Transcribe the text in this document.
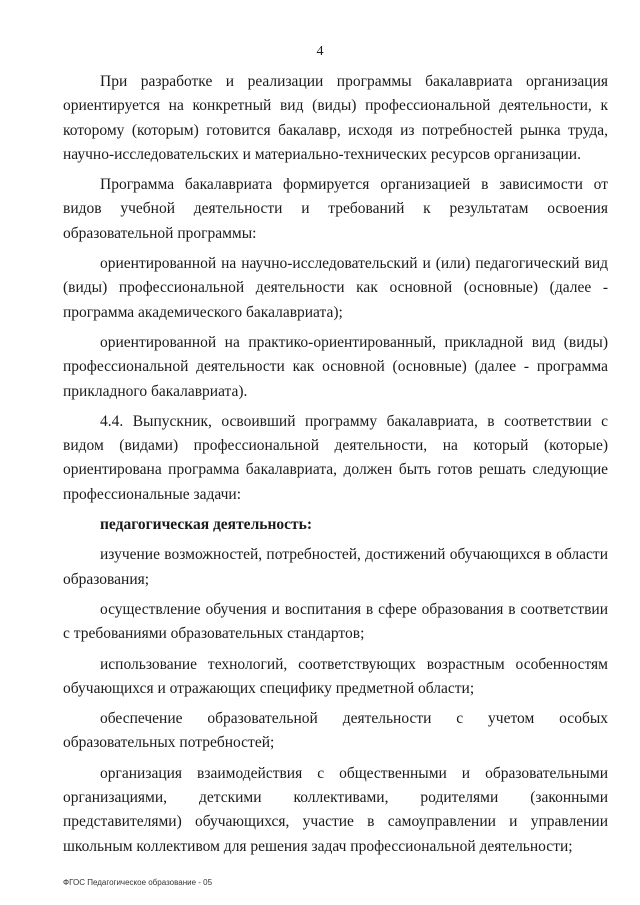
4

При разработке и реализации программы бакалавриата организация ориентируется на конкретный вид (виды) профессиональной деятельности, к которому (которым) готовится бакалавр, исходя из потребностей рынка труда, научно-исследовательских и материально-технических ресурсов организации.

Программа бакалавриата формируется организацией в зависимости от видов учебной деятельности и требований к результатам освоения образовательной программы:

ориентированной на научно-исследовательский и (или) педагогический вид (виды) профессиональной деятельности как основной (основные) (далее - программа академического бакалавриата);

ориентированной на практико-ориентированный, прикладной вид (виды) профессиональной деятельности как основной (основные) (далее - программа прикладного бакалавриата).

4.4. Выпускник, освоивший программу бакалавриата, в соответствии с видом (видами) профессиональной деятельности, на который (которые) ориентирована программа бакалавриата, должен быть готов решать следующие профессиональные задачи:

педагогическая деятельность:

изучение возможностей, потребностей, достижений обучающихся в области образования;

осуществление обучения и воспитания в сфере образования в соответствии с требованиями образовательных стандартов;

использование технологий, соответствующих возрастным особенностям обучающихся и отражающих специфику предметной области;

обеспечение образовательной деятельности с учетом особых образовательных потребностей;

организация взаимодействия с общественными и образовательными организациями, детскими коллективами, родителями (законными представителями) обучающихся, участие в самоуправлении и управлении школьным коллективом для решения задач профессиональной деятельности;

ФГОС Педагогическое образование - 05
